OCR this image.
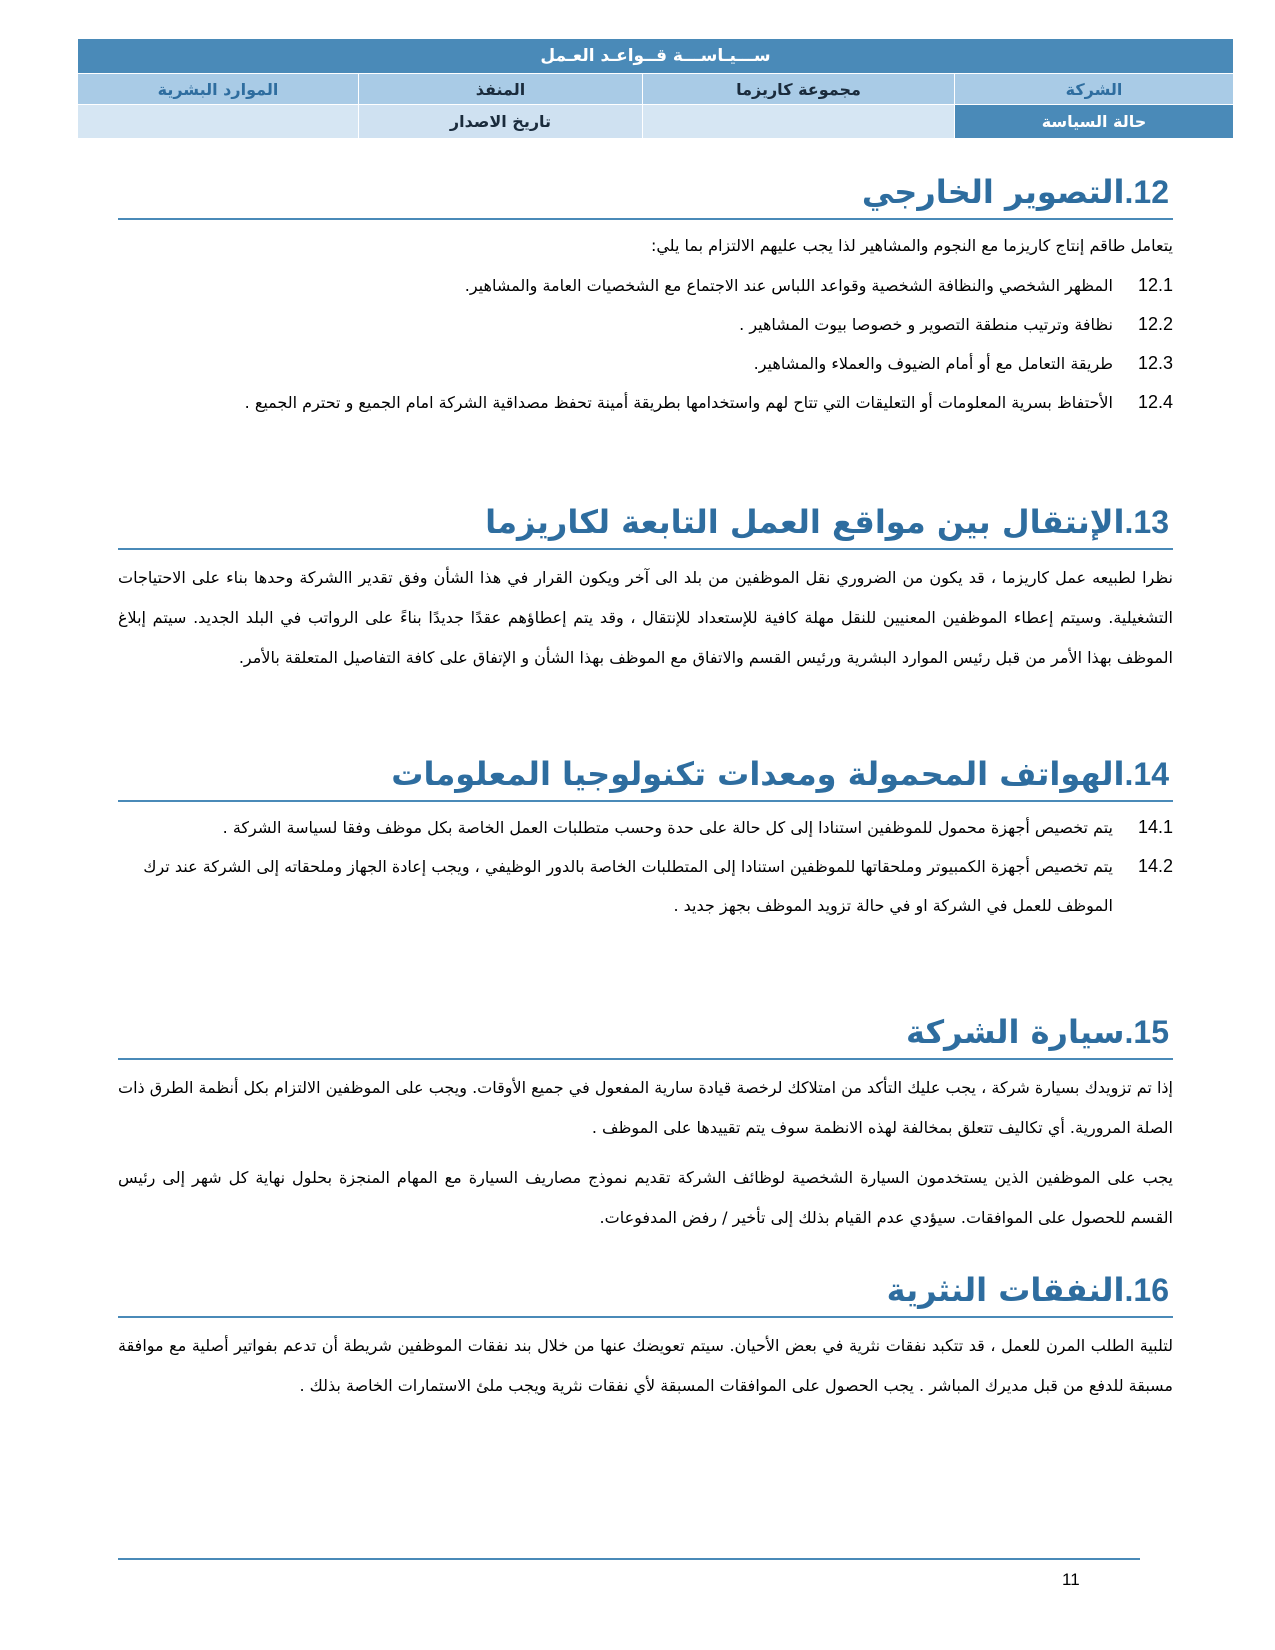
ســـيـاســـة قــواعـد العـمل			
الموارد البشرية	المنفذ	مجموعة كاريزما	الشركة
	تاريخ الاصدار		حالة السياسة
12.التصوير الخارجي

يتعامل طاقم إنتاج كاريزما مع النجوم والمشاهير لذا يجب عليهم الالتزام بما يلي:

12.1
المظهر الشخصي والنظافة الشخصية وقواعد اللباس عند الاجتماع مع الشخصيات العامة والمشاهير.
12.2
نظافة وترتيب منطقة التصوير و خصوصا بيوت المشاهير .
12.3
طريقة التعامل مع أو أمام الضيوف والعملاء والمشاهير.
12.4
الأحتفاظ بسرية المعلومات أو التعليقات التي تتاح لهم واستخدامها بطريقة أمينة تحفظ مصداقية الشركة امام الجميع و تحترم الجميع .
13.الإنتقال بين مواقع العمل التابعة لكاريزما

نظرا لطبيعه عمل كاريزما ، قد يكون من الضروري نقل الموظفين من بلد الى آخر ويكون القرار في هذا الشأن وفق تقدير االشركة وحدها بناء على الاحتياجات التشغيلية. وسيتم إعطاء الموظفين المعنيين للنقل مهلة كافية للإستعداد للإنتقال ، وقد يتم إعطاؤهم عقدًا جديدًا بناءً على الرواتب في البلد الجديد. سيتم إبلاغ الموظف بهذا الأمر من قبل رئيس الموارد البشرية ورئيس القسم والاتفاق مع الموظف بهذا الشأن و الإتفاق على كافة التفاصيل المتعلقة بالأمر.

14.الهواتف المحمولة ومعدات تكنولوجيا المعلومات
14.1
يتم تخصيص أجهزة محمول للموظفين استنادا إلى كل حالة على حدة وحسب متطلبات العمل الخاصة بكل موظف وفقا لسياسة الشركة .
14.2
يتم تخصيص أجهزة الكمبيوتر وملحقاتها للموظفين استنادا إلى المتطلبات الخاصة بالدور الوظيفي ، ويجب إعادة الجهاز وملحقاته إلى الشركة عند ترك الموظف للعمل في الشركة او في حالة تزويد الموظف بجهز جديد .
15.سيارة الشركة

إذا تم تزويدك بسيارة شركة ، يجب عليك التأكد من امتلاكك لرخصة قيادة سارية المفعول في جميع الأوقات. ويجب على الموظفين الالتزام بكل أنظمة الطرق ذات الصلة المرورية. أي تكاليف تتعلق بمخالفة لهذه الانظمة سوف يتم تقييدها على الموظف .

يجب على الموظفين الذين يستخدمون السيارة الشخصية لوظائف الشركة تقديم نموذج مصاريف السيارة مع المهام المنجزة بحلول نهاية كل شهر إلى رئيس القسم للحصول على الموافقات. سيؤدي عدم القيام بذلك إلى تأخير / رفض المدفوعات.

16.النفقات النثرية

لتلبية الطلب المرن للعمل ، قد تتكبد نفقات نثرية في بعض الأحيان. سيتم تعويضك عنها من خلال بند نفقات الموظفين شريطة أن تدعم بفواتير أصلية مع موافقة مسبقة للدفع من قبل مديرك المباشر . يجب الحصول على الموافقات المسبقة لأي نفقات نثرية ويجب ملئ الاستمارات الخاصة بذلك .

11
